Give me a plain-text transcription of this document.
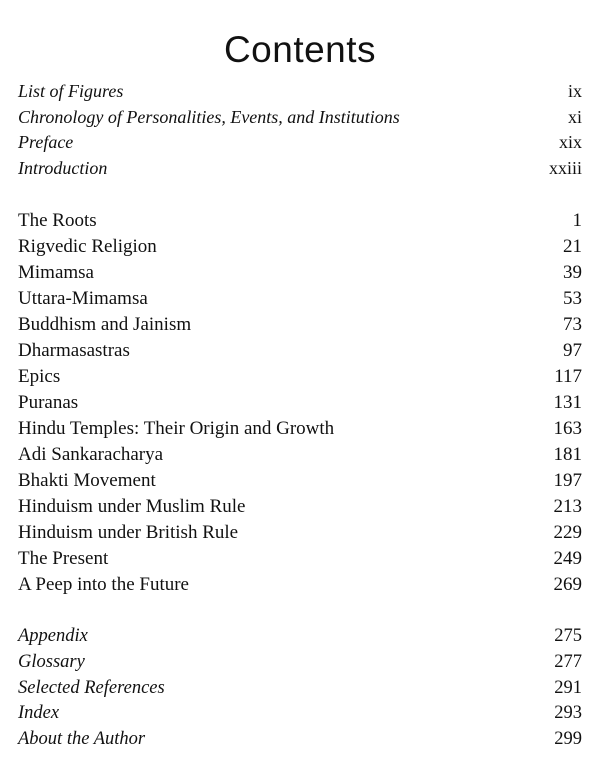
Contents
List of Figures	ix
Chronology of Personalities, Events, and Institutions	xi
Preface	xix
Introduction	xxiii
The Roots	1
Rigvedic Religion	21
Mimamsa	39
Uttara-Mimamsa	53
Buddhism and Jainism	73
Dharmasastras	97
Epics	117
Puranas	131
Hindu Temples: Their Origin and Growth	163
Adi Sankaracharya	181
Bhakti Movement	197
Hinduism under Muslim Rule	213
Hinduism under British Rule	229
The Present	249
A Peep into the Future	269
Appendix	275
Glossary	277
Selected References	291
Index	293
About the Author	299
